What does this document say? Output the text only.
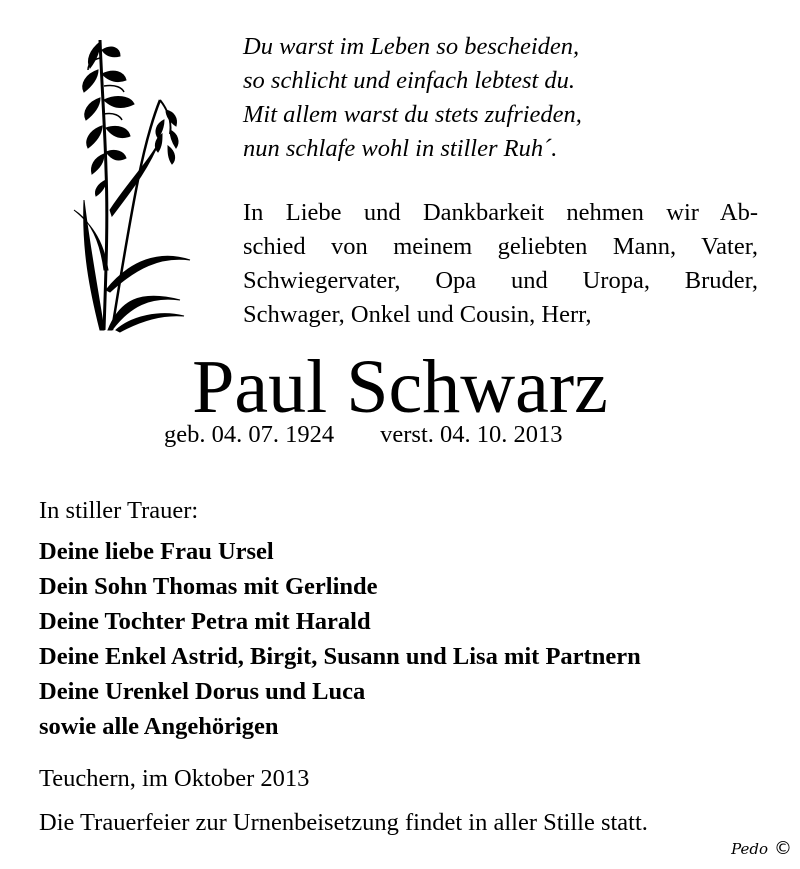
Du warst im Leben so bescheiden,
so schlicht und einfach lebtest du.
Mit allem warst du stets zufrieden,
nun schlafe wohl in stiller Ruh´.
In Liebe und Dankbarkeit nehmen wir Ab-
schied von meinem geliebten Mann, Vater,
Schwiegervater, Opa und Uropa, Bruder,
Schwager, Onkel und Cousin, Herr,
Paul Schwarz
geb. 04. 07. 1924 verst. 04. 10. 2013
In stiller Trauer:
Deine liebe Frau Ursel
Dein Sohn Thomas mit Gerlinde
Deine Tochter Petra mit Harald
Deine Enkel Astrid, Birgit, Susann und Lisa mit Partnern
Deine Urenkel Dorus und Luca
sowie alle Angehörigen
Teuchern, im Oktober 2013
Die Trauerfeier zur Urnenbeisetzung findet in aller Stille statt.
Pedo ©
